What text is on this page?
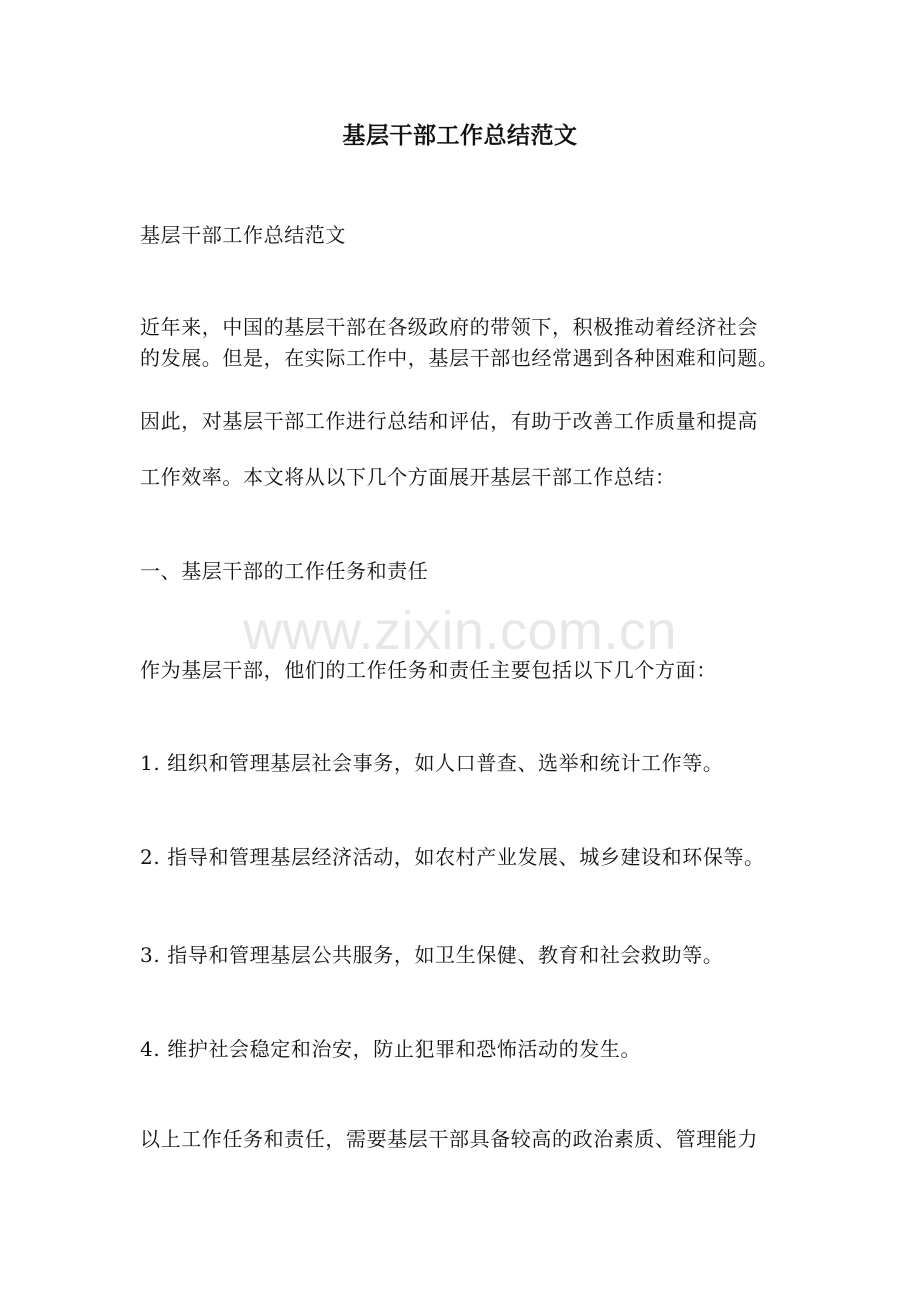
基层干部工作总结范文
基层干部工作总结范文
近年来，中国的基层干部在各级政府的带领下，积极推动着经济社会
的发展。但是，在实际工作中，基层干部也经常遇到各种困难和问题。
因此，对基层干部工作进行总结和评估，有助于改善工作质量和提高
工作效率。本文将从以下几个方面展开基层干部工作总结：
一、基层干部的工作任务和责任
作为基层干部，他们的工作任务和责任主要包括以下几个方面：
1. 组织和管理基层社会事务，如人口普查、选举和统计工作等。
2. 指导和管理基层经济活动，如农村产业发展、城乡建设和环保等。
3. 指导和管理基层公共服务，如卫生保健、教育和社会救助等。
4. 维护社会稳定和治安，防止犯罪和恐怖活动的发生。
以上工作任务和责任，需要基层干部具备较高的政治素质、管理能力
www.zixin.com.cn
